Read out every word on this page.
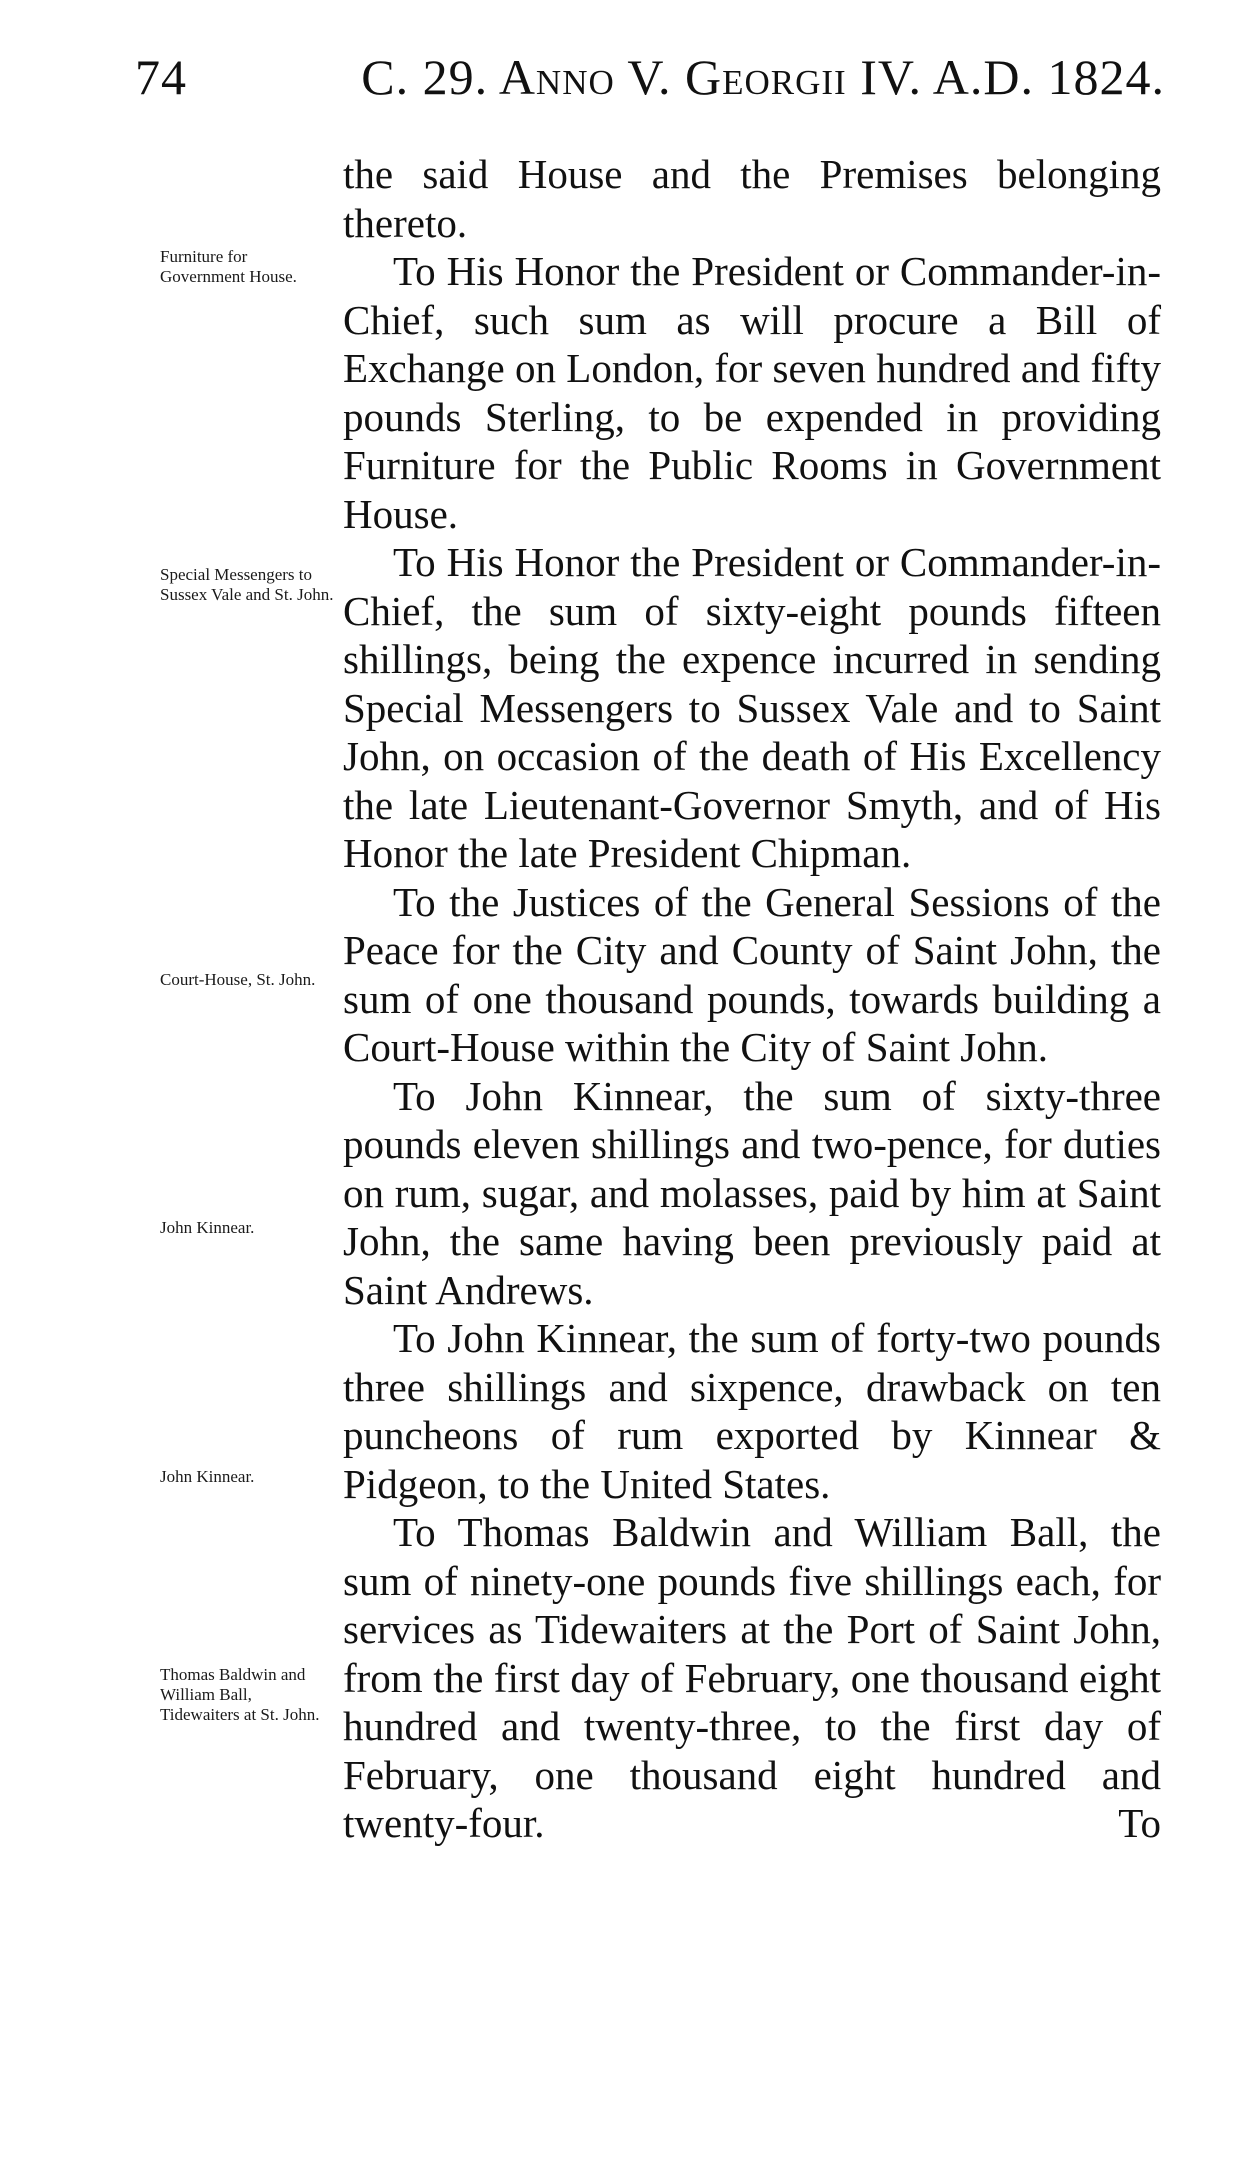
74	C. 29. Anno V. Georgii IV. A.D. 1824.

the said House and the Premises belonging thereto.

To His Honor the President or Commander-in-Chief, such sum as will procure a Bill of Exchange on London, for seven hundred and fifty pounds Sterling, to be expended in providing Furniture for the Public Rooms in Government House.

To His Honor the President or Commander-in-Chief, the sum of sixty-eight pounds fifteen shillings, being the expence incurred in sending Special Messengers to Sussex Vale and to Saint John, on occasion of the death of His Excellency the late Lieutenant-Governor Smyth, and of His Honor the late President Chipman.

To the Justices of the General Sessions of the Peace for the City and County of Saint John, the sum of one thousand pounds, towards building a Court-House within the City of Saint John.

To John Kinnear, the sum of sixty-three pounds eleven shillings and two-pence, for duties on rum, sugar, and molasses, paid by him at Saint John, the same having been previously paid at Saint Andrews.

To John Kinnear, the sum of forty-two pounds three shillings and sixpence, drawback on ten puncheons of rum exported by Kinnear & Pidgeon, to the United States.

To Thomas Baldwin and William Ball, the sum of ninety-one pounds five shillings each, for services as Tidewaiters at the Port of Saint John, from the first day of February, one thousand eight hundred and twenty-three, to the first day of February, one thousand eight hundred and twenty-four. To

Furniture for Government House.
Special Messengers to Sussex Vale and St. John.
Court-House, St. John.
John Kinnear.
John Kinnear.
Thomas Baldwin and William Ball, Tidewaiters at St. John.
